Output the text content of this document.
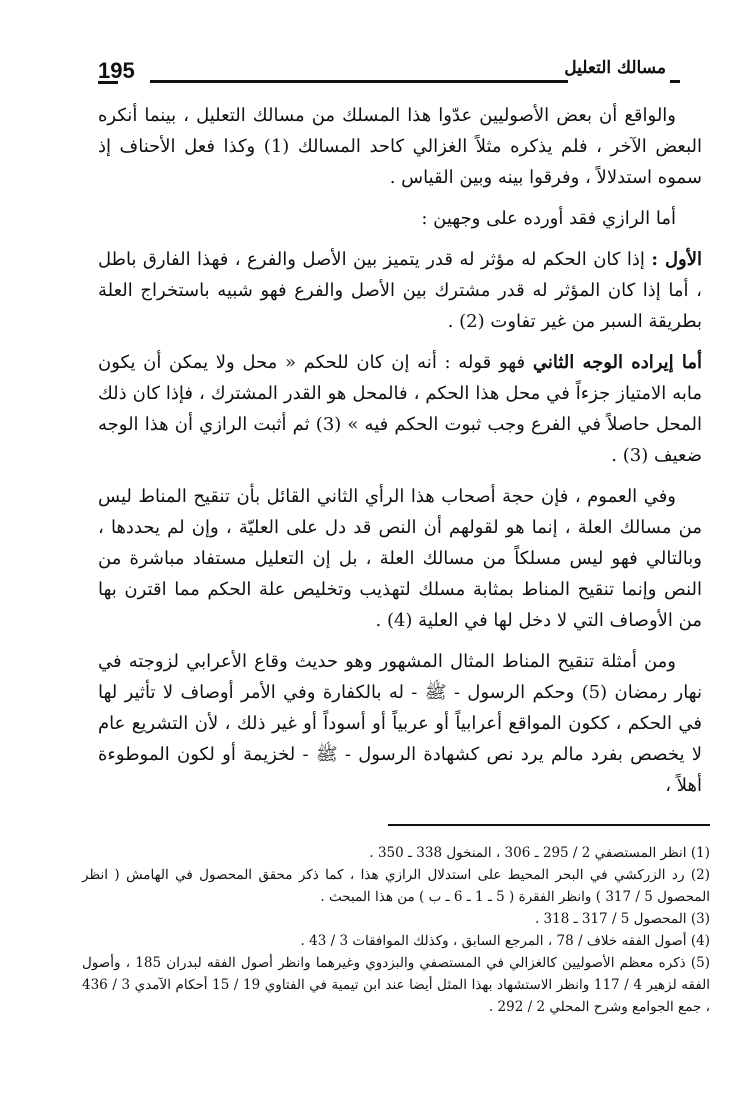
195	مسالك التعليل

والواقع أن بعض الأصوليين عدّوا هذا المسلك من مسالك التعليل ، بينما أنكره البعض الآخر ، فلم يذكره مثلاً الغزالي كاحد المسالك (1) وكذا فعل الأحناف إذ سموه استدلالاً ، وفرقوا بينه وبين القياس .

أما الرازي فقد أورده على وجهين :

الأول : إذا كان الحكم له مؤثر له قدر يتميز بين الأصل والفرع ، فهذا الفارق باطل ، أما إذا كان المؤثر له قدر مشترك بين الأصل والفرع فهو شبيه باستخراج العلة بطريقة السبر من غير تفاوت (2) .

أما إيراده الوجه الثاني فهو قوله : أنه إن كان للحكم « محل ولا يمكن أن يكون مابه الامتياز جزءاً في محل هذا الحكم ، فالمحل هو القدر المشترك ، فإذا كان ذلك المحل حاصلاً في الفرع وجب ثبوت الحكم فيه » (3) ثم أثبت الرازي أن هذا الوجه ضعيف (3) .

وفي العموم ، فإن حجة أصحاب هذا الرأي الثاني القائل بأن تنقيح المناط ليس من مسالك العلة ، إنما هو لقولهم أن النص قد دل على العليّة ، وإن لم يحددها ، وبالتالي فهو ليس مسلكاً من مسالك العلة ، بل إن التعليل مستفاد مباشرة من النص وإنما تنقيح المناط بمثابة مسلك لتهذيب وتخليص علة الحكم مما اقترن بها من الأوصاف التي لا دخل لها في العلية (4) .

ومن أمثلة تنقيح المناط المثال المشهور وهو حديث وقاع الأعرابي لزوجته في نهار رمضان (5) وحكم الرسول - ﷺ - له بالكفارة وفي الأمر أوصاف لا تأثير لها في الحكم ، ككون المواقع أعرابياً أو عربياً أو أسوداً أو غير ذلك ، لأن التشريع عام لا يخصص بفرد مالم يرد نص كشهادة الرسول - ﷺ - لخزيمة أو لكون الموطوءة أهلاً ،

(1) انظر المستصفي 2 / 295 ـ 306 ، المنخول 338 ـ 350 .

(2) رد الزركشي في البحر المحيط على استدلال الرازي هذا ، كما ذكر محقق المحصول في الهامش ( انظر المحصول 5 / 317 ) وانظر الفقرة ( 5 ـ 1 ـ 6 ـ ب ) من هذا المبحث .

(3) المحصول 5 / 317 ـ 318 .

(4) أصول الفقه خلاف / 78 ، المرجع السابق ، وكذلك الموافقات 3 / 43 .

(5) ذكره معظم الأصوليين كالغزالي في المستصفي والبزدوي وغيرهما وانظر أصول الفقه لبدران 185 ، وأصول الفقه لزهير 4 / 117 وانظر الاستشهاد بهذا المثل أيضا عند ابن تيمية في الفتاوي 19 / 15 أحكام الآمدي 3 / 436 ، جمع الجوامع وشرح المحلي 2 / 292 .
